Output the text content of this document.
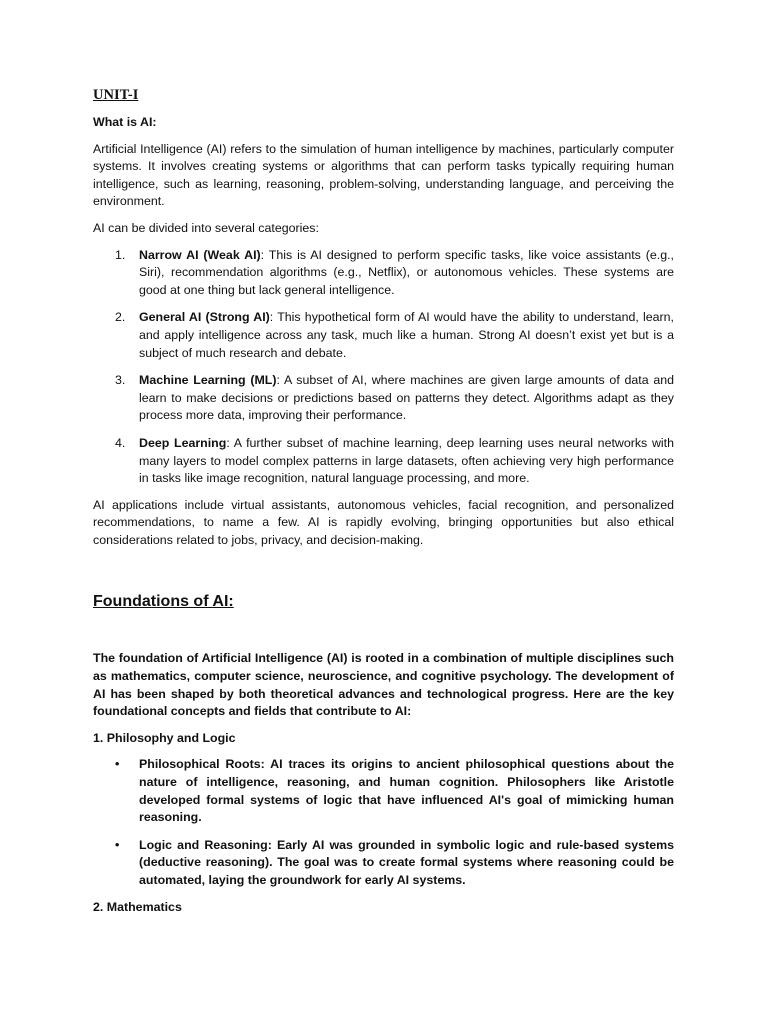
UNIT-I

What is AI:

Artificial Intelligence (AI) refers to the simulation of human intelligence by machines, particularly computer systems. It involves creating systems or algorithms that can perform tasks typically requiring human intelligence, such as learning, reasoning, problem-solving, understanding language, and perceiving the environment.

AI can be divided into several categories:

1. Narrow AI (Weak AI): This is AI designed to perform specific tasks, like voice assistants (e.g., Siri), recommendation algorithms (e.g., Netflix), or autonomous vehicles. These systems are good at one thing but lack general intelligence.
2. General AI (Strong AI): This hypothetical form of AI would have the ability to understand, learn, and apply intelligence across any task, much like a human. Strong AI doesn’t exist yet but is a subject of much research and debate.
3. Machine Learning (ML): A subset of AI, where machines are given large amounts of data and learn to make decisions or predictions based on patterns they detect. Algorithms adapt as they process more data, improving their performance.
4. Deep Learning: A further subset of machine learning, deep learning uses neural networks with many layers to model complex patterns in large datasets, often achieving very high performance in tasks like image recognition, natural language processing, and more.

AI applications include virtual assistants, autonomous vehicles, facial recognition, and personalized recommendations, to name a few. AI is rapidly evolving, bringing opportunities but also ethical considerations related to jobs, privacy, and decision-making.

Foundations of AI:

The foundation of Artificial Intelligence (AI) is rooted in a combination of multiple disciplines such as mathematics, computer science, neuroscience, and cognitive psychology. The development of AI has been shaped by both theoretical advances and technological progress. Here are the key foundational concepts and fields that contribute to AI:

1. Philosophy and Logic

• Philosophical Roots: AI traces its origins to ancient philosophical questions about the nature of intelligence, reasoning, and human cognition. Philosophers like Aristotle developed formal systems of logic that have influenced AI's goal of mimicking human reasoning.
• Logic and Reasoning: Early AI was grounded in symbolic logic and rule-based systems (deductive reasoning). The goal was to create formal systems where reasoning could be automated, laying the groundwork for early AI systems.

2. Mathematics
